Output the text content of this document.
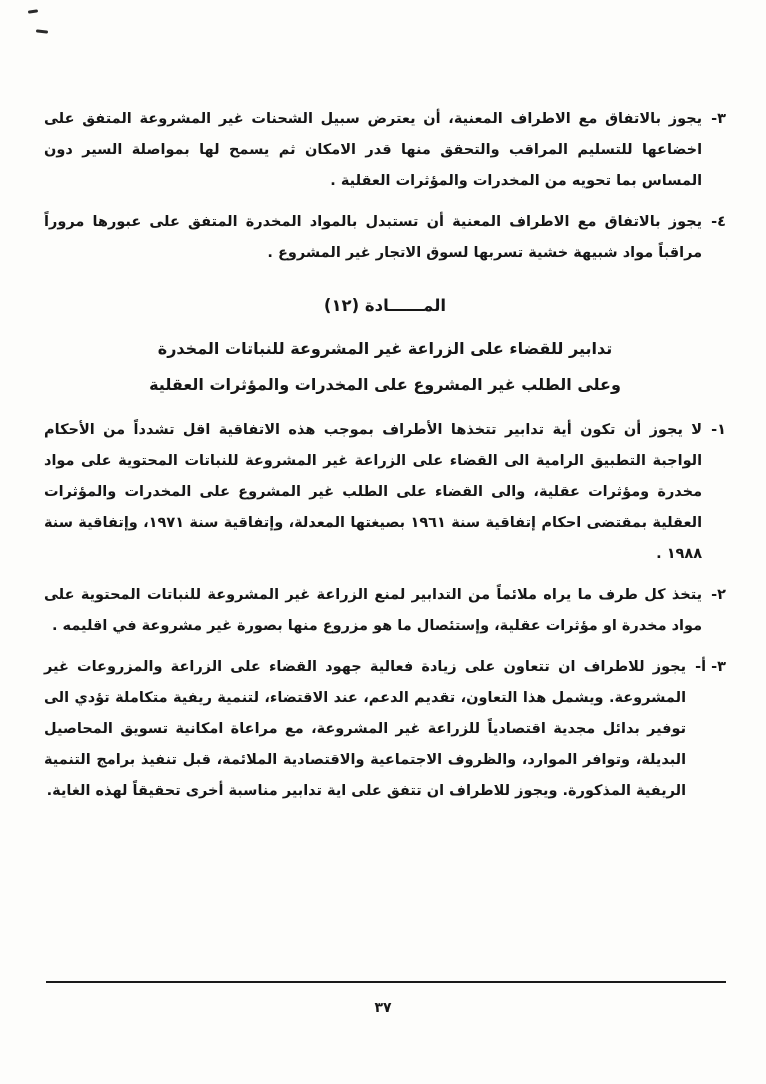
٣-
يجوز بالاتفاق مع الاطراف المعنية، أن يعترض سبيل الشحنات غير المشروعة المتفق على اخضاعها للتسليم المراقب والتحقق منها قدر الامكان ثم يسمح لها بمواصلة السير دون المساس بما تحويه من المخدرات والمؤثرات العقلية .
٤-
يجوز بالاتفاق مع الاطراف المعنية أن تستبدل بالمواد المخدرة المتفق على عبورها مروراً مراقباً مواد شبيهة خشية تسربها لسوق الاتجار غير المشروع .
المــــــادة (١٢)
تدابير للقضاء على الزراعة غير المشروعة للنباتات المخدرة
وعلى الطلب غير المشروع على المخدرات والمؤثرات العقلية
١-
لا يجوز أن تكون أية تدابير تتخذها الأطراف بموجب هذه الاتفاقية اقل تشدداً من الأحكام الواجبة التطبيق الرامية الى القضاء على الزراعة غير المشروعة للنباتات المحتوية على مواد مخدرة ومؤثرات عقلية، والى القضاء على الطلب غير المشروع على المخدرات والمؤثرات العقلية بمقتضى احكام إتفاقية سنة ١٩٦١ بصيغتها المعدلة، وإتفاقية سنة ١٩٧١، وإتفاقية سنة ١٩٨٨ .
٢-
يتخذ كل طرف ما يراه ملائماً من التدابير لمنع الزراعة غير المشروعة للنباتات المحتوية على مواد مخدرة او مؤثرات عقلية، وإستئصال ما هو مزروع منها بصورة غير مشروعة في اقليمه .
٣- أ-
يجوز للاطراف ان تتعاون على زيادة فعالية جهود القضاء على الزراعة والمزروعات غير المشروعة. ويشمل هذا التعاون، تقديم الدعم، عند الاقتضاء، لتنمية ريفية متكاملة تؤدي الى توفير بدائل مجدية اقتصادياً للزراعة غير المشروعة، مع مراعاة امكانية تسويق المحاصيل البديلة، وتوافر الموارد، والظروف الاجتماعية والاقتصادية الملائمة، قبل تنفيذ برامج التنمية الريفية المذكورة. ويجوز للاطراف ان تتفق على اية تدابير مناسبة أخرى تحقيقاً لهذه الغاية.
٣٧
